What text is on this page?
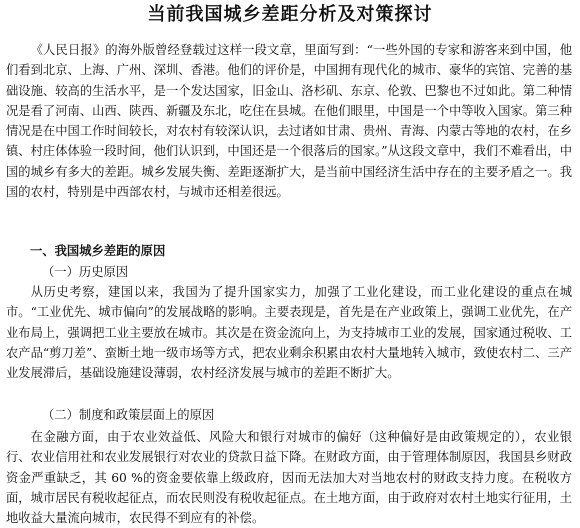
当前我国城乡差距分析及对策探讨

《人民日报》的海外版曾经登载过这样一段文章，里面写到：“一些外国的专家和游客来到中国，他们看到北京、上海、广州、深圳、香港。他们的评价是，中国拥有现代化的城市、豪华的宾馆、完善的基础设施、较高的生活水平，是一个发达国家，旧金山、洛杉矶、东京、伦敦、巴黎也不过如此。第二种情况是看了河南、山西、陕西、新疆及东北，吃住在县城。在他们眼里，中国是一个中等收入国家。第三种情况是在中国工作时间较长，对农村有较深认识，去过诸如甘肃、贵州、青海、内蒙古等地的农村，在乡镇、村庄体体验一段时间，他们认识到，中国还是一个很落后的国家。”从这段文章中，我们不难看出，中国的城乡有多大的差距。城乡发展失衡、差距逐渐扩大，是当前中国经济生活中存在的主要矛盾之一。我国的农村，特别是中西部农村，与城市还相差很远。

一、我国城乡差距的原因
（一）历史原因

从历史考察，建国以来，我国为了提升国家实力，加强了工业化建设，而工业化建设的重点在城市。“工业优先、城市偏向”的发展战略的影响。主要表现是，首先是在产业政策上，强调工业优先，在产业布局上，强调把工业主要放在城市。其次是在资金流向上，为支持城市工业的发展，国家通过税收、工农产品“剪刀差”、蛮断土地一级市场等方式，把农业剩余积累由农村大量地转入城市，致使农村二、三产业发展滞后，基础设施建设薄弱，农村经济发展与城市的差距不断扩大。

（二）制度和政策层面上的原因

在金融方面，由于农业效益低、风险大和银行对城市的偏好（这种偏好是由政策规定的），农业银行、农业信用社和农业发展银行对农业的贷款日益下降。在财政方面，由于管理体制原因，我国县乡财政资金严重缺乏，其 60 %的资金要依靠上级政府，因而无法加大对当地农村的财政支持力度。在税收方面，城市居民有税收起征点，而农民则没有税收起征点。在土地方面，由于政府对农村土地实行征用，土地收益大量流向城市，农民得不到应有的补偿。
